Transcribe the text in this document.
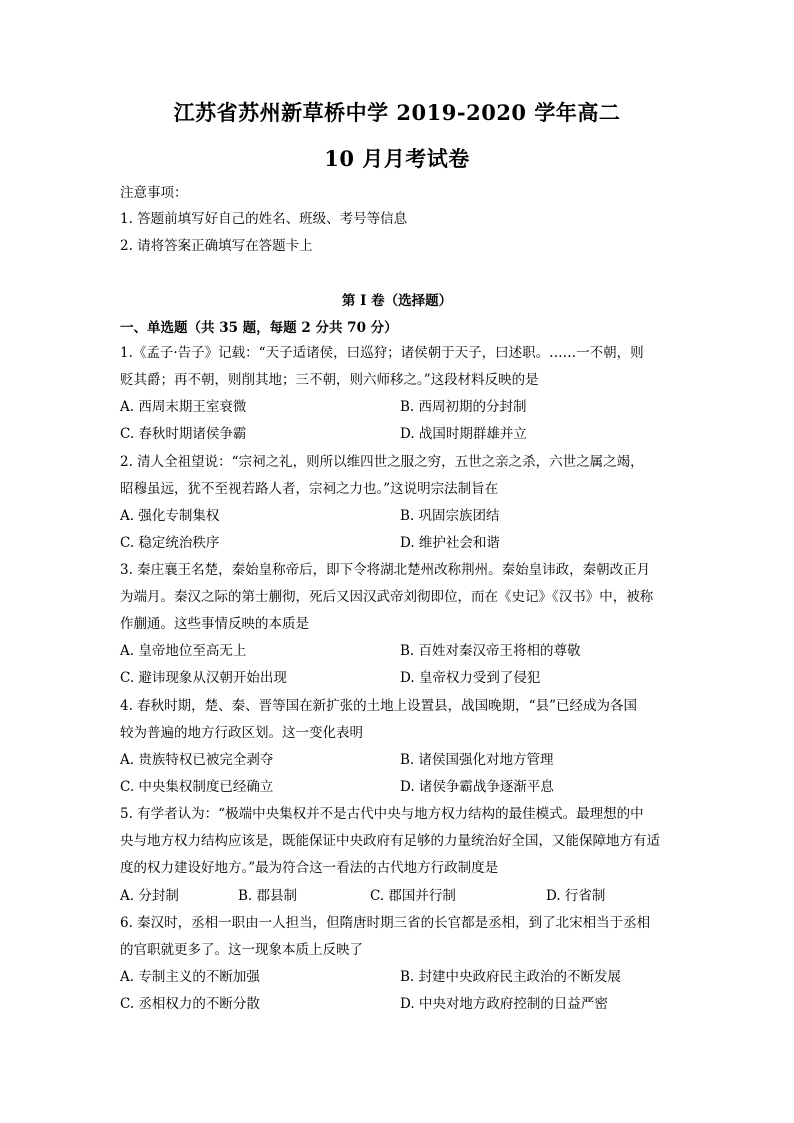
江苏省苏州新草桥中学 2019-2020 学年高二
10 月月考试卷
注意事项：
1. 答题前填写好自己的姓名、班级、考号等信息
2. 请将答案正确填写在答题卡上
第 I 卷（选择题）
一、单选题（共 35 题，每题 2 分共 70 分）
1.《孟子·告子》记载：“天子适诸侯，曰巡狩；诸侯朝于天子，曰述职。……一不朝，则
贬其爵；再不朝，则削其地；三不朝，则六师移之。”这段材料反映的是
A. 西周末期王室衰微	B. 西周初期的分封制
C. 春秋时期诸侯争霸	D. 战国时期群雄并立
2. 清人全祖望说：“宗祠之礼，则所以维四世之服之穷，五世之亲之杀，六世之属之竭，
昭穆虽远，犹不至视若路人者，宗祠之力也。”这说明宗法制旨在
A. 强化专制集权	B. 巩固宗族团结
C. 稳定统治秩序	D. 维护社会和谐
3. 秦庄襄王名楚，秦始皇称帝后，即下令将湖北楚州改称荆州。秦始皇讳政，秦朝改正月
为端月。秦汉之际的第士蒯彻，死后又因汉武帝刘彻即位，而在《史记》《汉书》中，被称
作蒯通。这些事情反映的本质是
A. 皇帝地位至高无上	B. 百姓对秦汉帝王将相的尊敬
C. 避讳现象从汉朝开始出现	D. 皇帝权力受到了侵犯
4. 春秋时期，楚、秦、晋等国在新扩张的土地上设置县，战国晚期，“县”已经成为各国
较为普遍的地方行政区划。这一变化表明
A. 贵族特权已被完全剥夺	B. 诸侯国强化对地方管理
C. 中央集权制度已经确立	D. 诸侯争霸战争逐渐平息
5. 有学者认为：“极端中央集权并不是古代中央与地方权力结构的最佳模式。最理想的中
央与地方权力结构应该是，既能保证中央政府有足够的力量统治好全国，又能保障地方有适
度的权力建设好地方。”最为符合这一看法的古代地方行政制度是
A. 分封制	B. 郡县制	C. 郡国并行制	D. 行省制
6. 秦汉时，丞相一职由一人担当，但隋唐时期三省的长官都是丞相，到了北宋相当于丞相
的官职就更多了。这一现象本质上反映了
A. 专制主义的不断加强	B. 封建中央政府民主政治的不断发展
C. 丞相权力的不断分散	D. 中央对地方政府控制的日益严密
